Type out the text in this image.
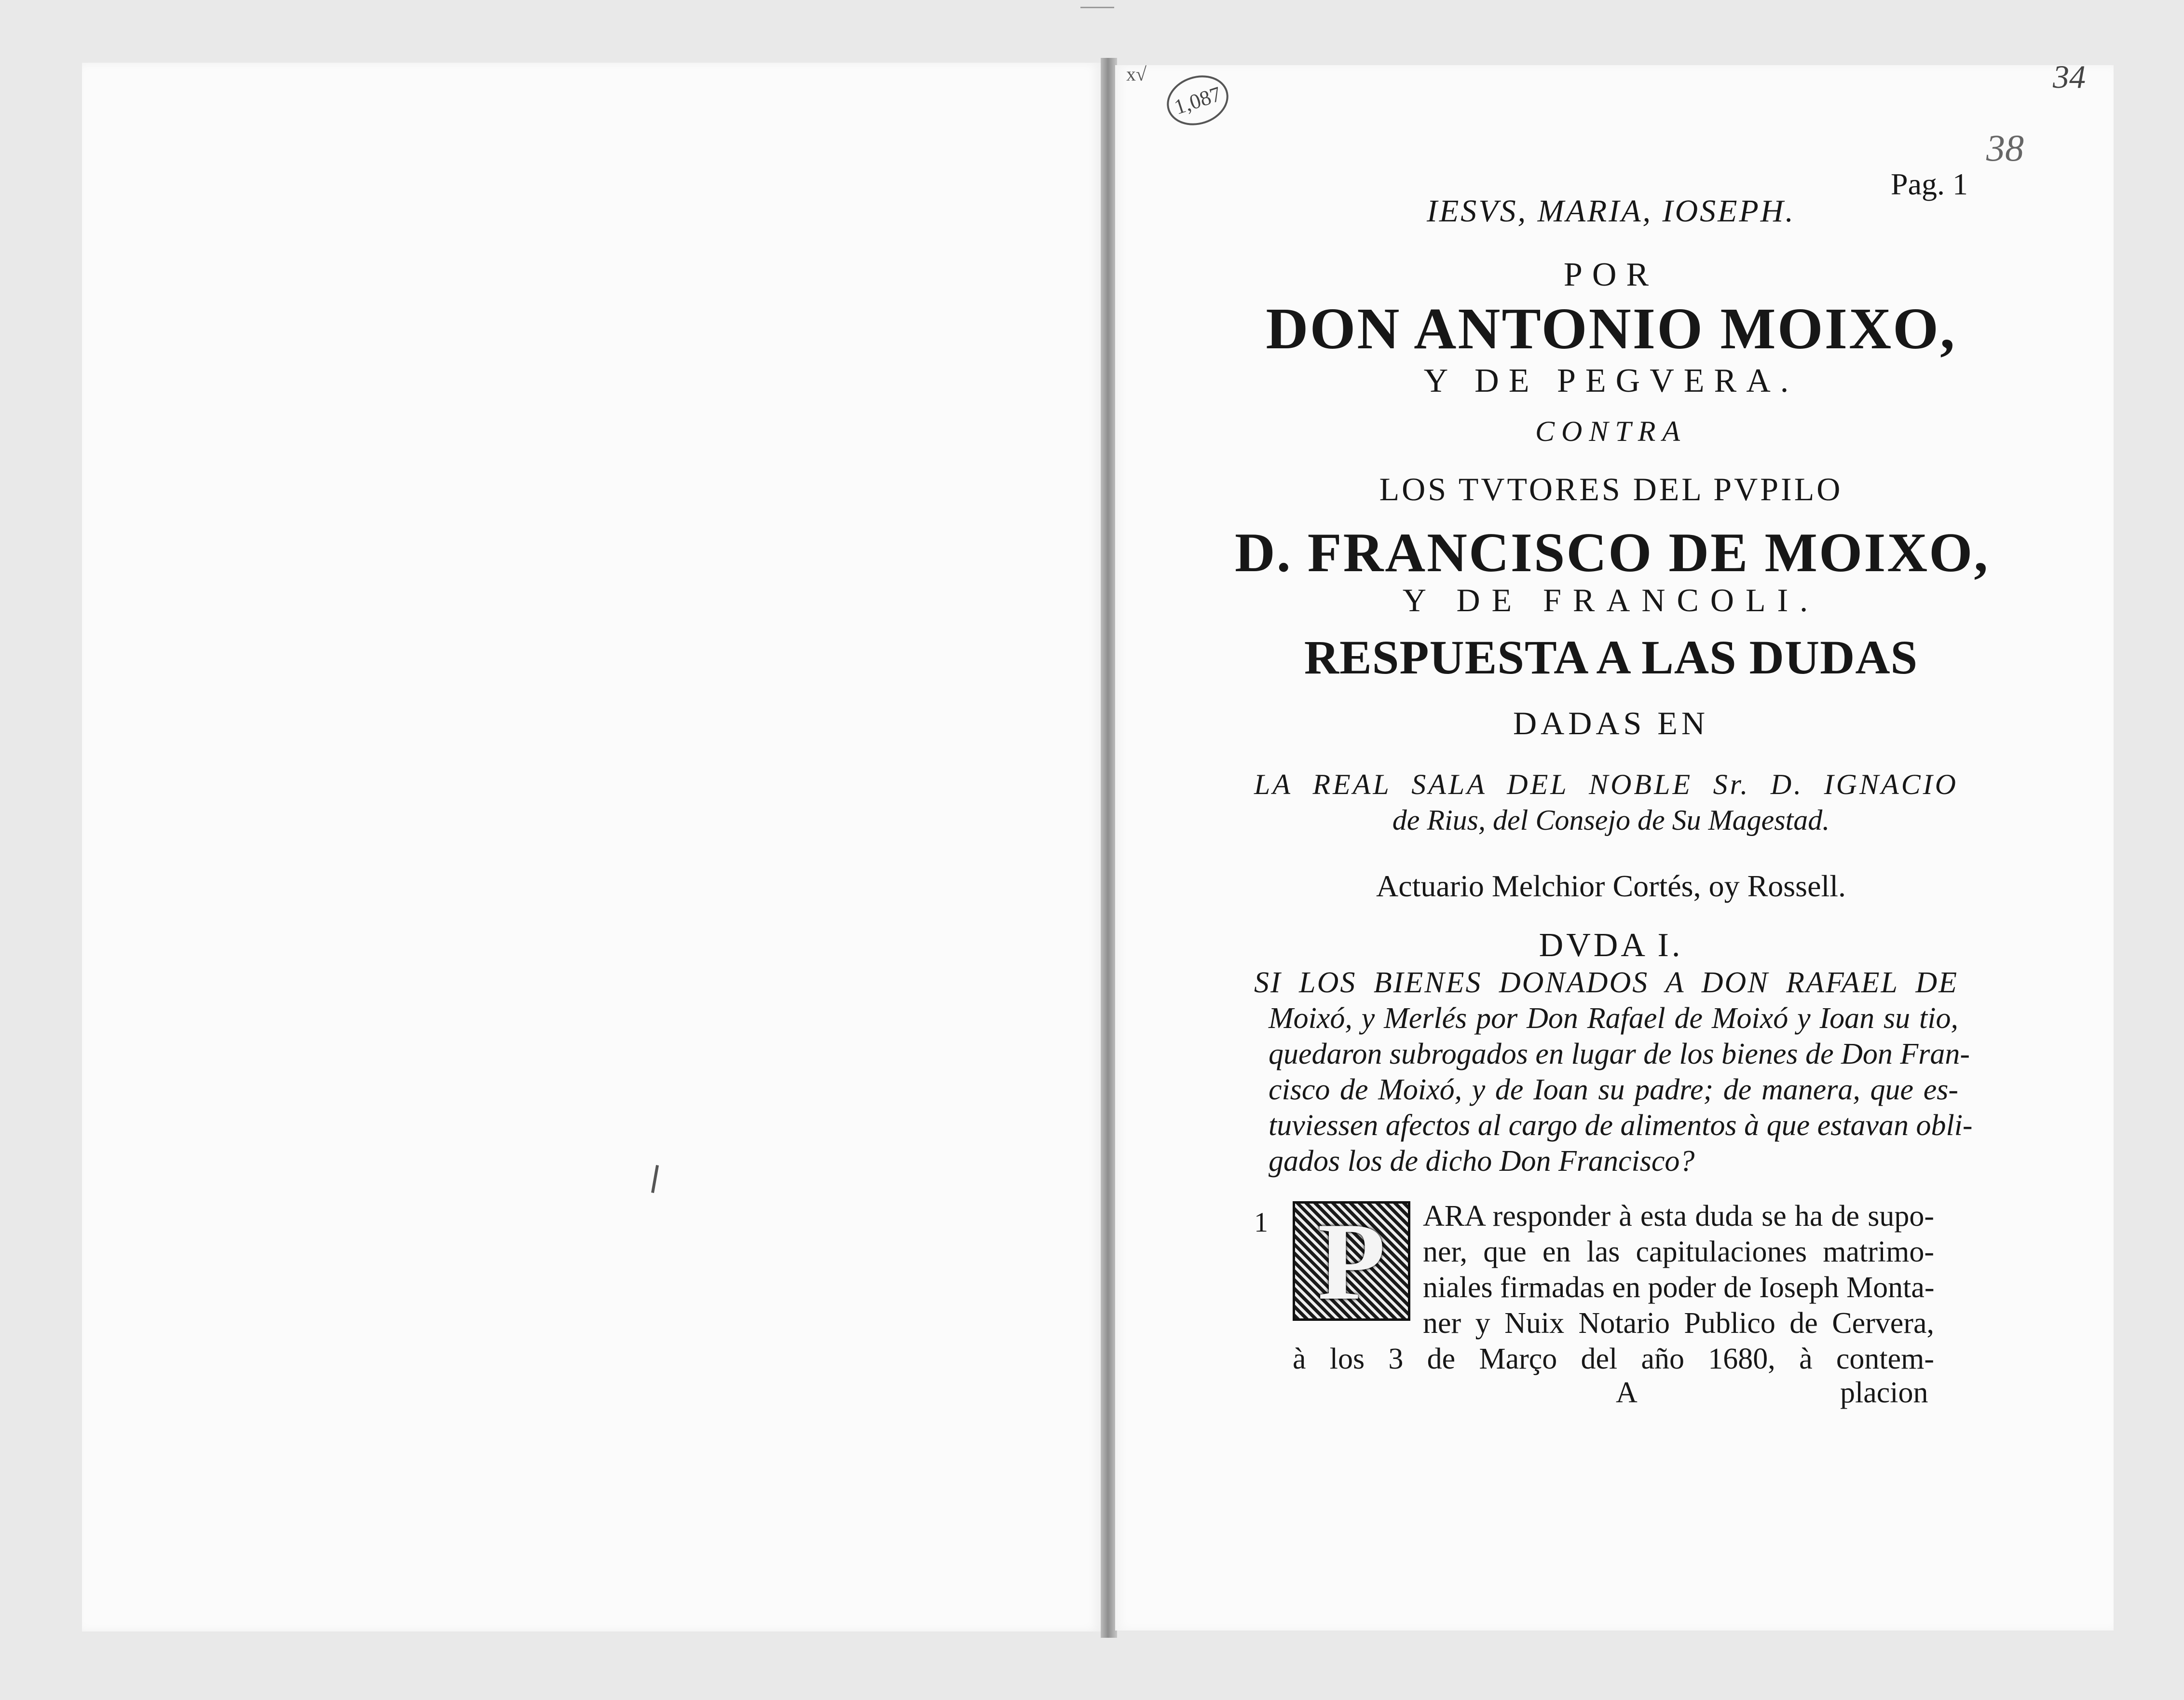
x√
1,087
34
38
Pag. 1
IESVS, MARIA, IOSEPH.
POR
DON ANTONIO MOIXO,
Y DE PEGVERA.
CONTRA
LOS TVTORES DEL PVPILO
D. FRANCISCO DE MOIXO,
Y DE FRANCOLI.
RESPUESTA A LAS DUDAS
DADAS EN
LA REAL SALA DEL NOBLE Sr. D. IGNACIO
de Rius, del Consejo de Su Magestad.
Actuario Melchior Cortés, oy Rossell.
DVDA I.
SI LOS BIENES DONADOS A DON RAFAEL DE
Moixó, y Merlés por Don Rafael de Moixó y Ioan su tio,
quedaron subrogados en lugar de los bienes de Don Fran-
cisco de Moixó, y de Ioan su padre; de manera, que es-
tuviessen afectos al cargo de alimentos à que estavan obli-
gados los de dicho Don Francisco?
1 P	ARA responder à esta duda se ha de supo-
ner, que en las capitulaciones matrimo-
niales firmadas en poder de Ioseph Monta-
ner y Nuix Notario Publico de Cervera,
à los 3 de Março del año 1680, à contem-
A	placion
